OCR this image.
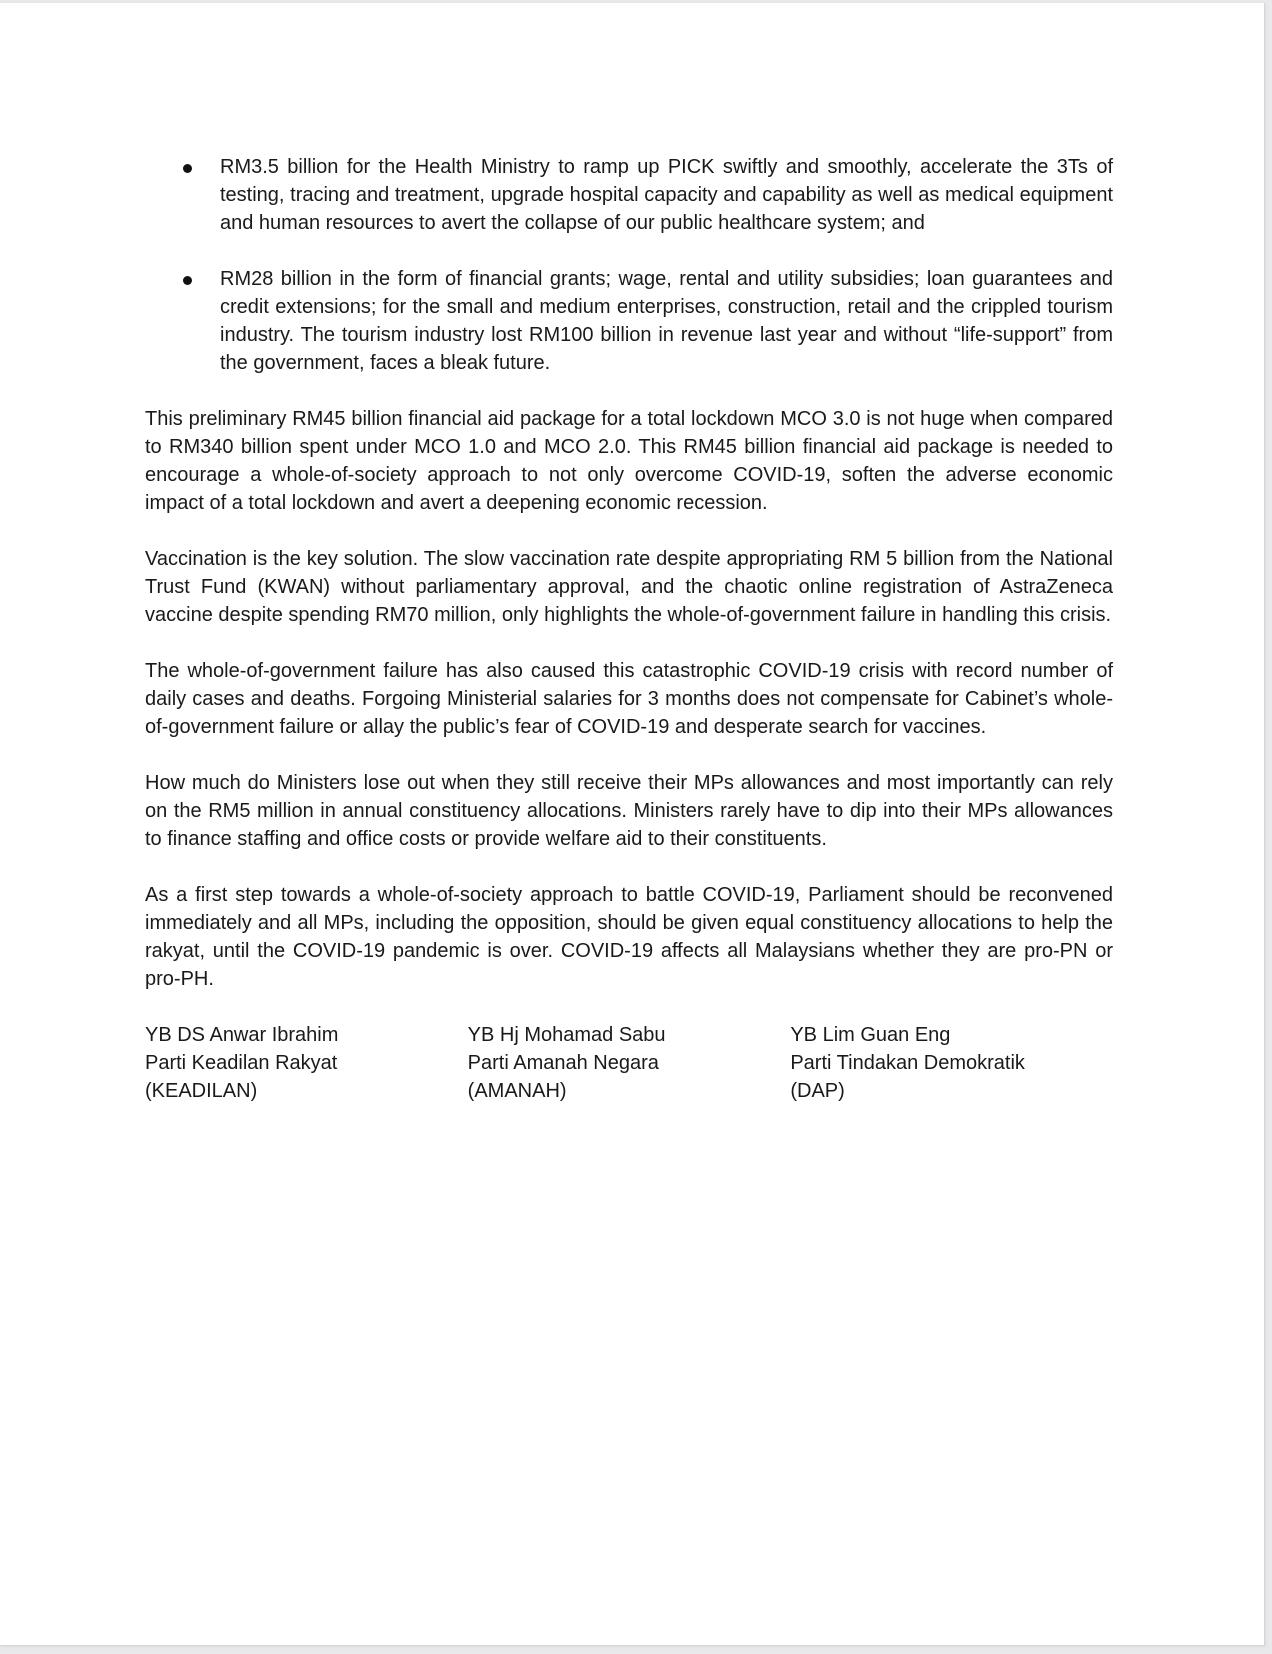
RM3.5 billion for the Health Ministry to ramp up PICK swiftly and smoothly, accelerate the 3Ts of testing, tracing and treatment, upgrade hospital capacity and capability as well as medical equipment and human resources to avert the collapse of our public healthcare system; and
RM28 billion in the form of financial grants; wage, rental and utility subsidies; loan guarantees and credit extensions; for the small and medium enterprises, construction, retail and the crippled tourism industry. The tourism industry lost RM100 billion in revenue last year and without “life-support” from the government, faces a bleak future.

This preliminary RM45 billion financial aid package for a total lockdown MCO 3.0 is not huge when compared to RM340 billion spent under MCO 1.0 and MCO 2.0. This RM45 billion financial aid package is needed to encourage a whole-of-society approach to not only overcome COVID-19, soften the adverse economic impact of a total lockdown and avert a deepening economic recession.

Vaccination is the key solution. The slow vaccination rate despite appropriating RM 5 billion from the National Trust Fund (KWAN) without parliamentary approval, and the chaotic online registration of AstraZeneca vaccine despite spending RM70 million, only highlights the whole-of-government failure in handling this crisis.

The whole-of-government failure has also caused this catastrophic COVID-19 crisis with record number of daily cases and deaths. Forgoing Ministerial salaries for 3 months does not compensate for Cabinet’s whole-of-government failure or allay the public’s fear of COVID-19 and desperate search for vaccines.

How much do Ministers lose out when they still receive their MPs allowances and most importantly can rely on the RM5 million in annual constituency allocations. Ministers rarely have to dip into their MPs allowances to finance staffing and office costs or provide welfare aid to their constituents.

As a first step towards a whole-of-society approach to battle COVID-19, Parliament should be reconvened immediately and all MPs, including the opposition, should be given equal constituency allocations to help the rakyat, until the COVID-19 pandemic is over. COVID-19 affects all Malaysians whether they are pro-PN or pro-PH.

YB DS Anwar Ibrahim
Parti Keadilan Rakyat
(KEADILAN)
YB Hj Mohamad Sabu
Parti Amanah Negara
(AMANAH)
YB Lim Guan Eng
Parti Tindakan Demokratik
(DAP)
